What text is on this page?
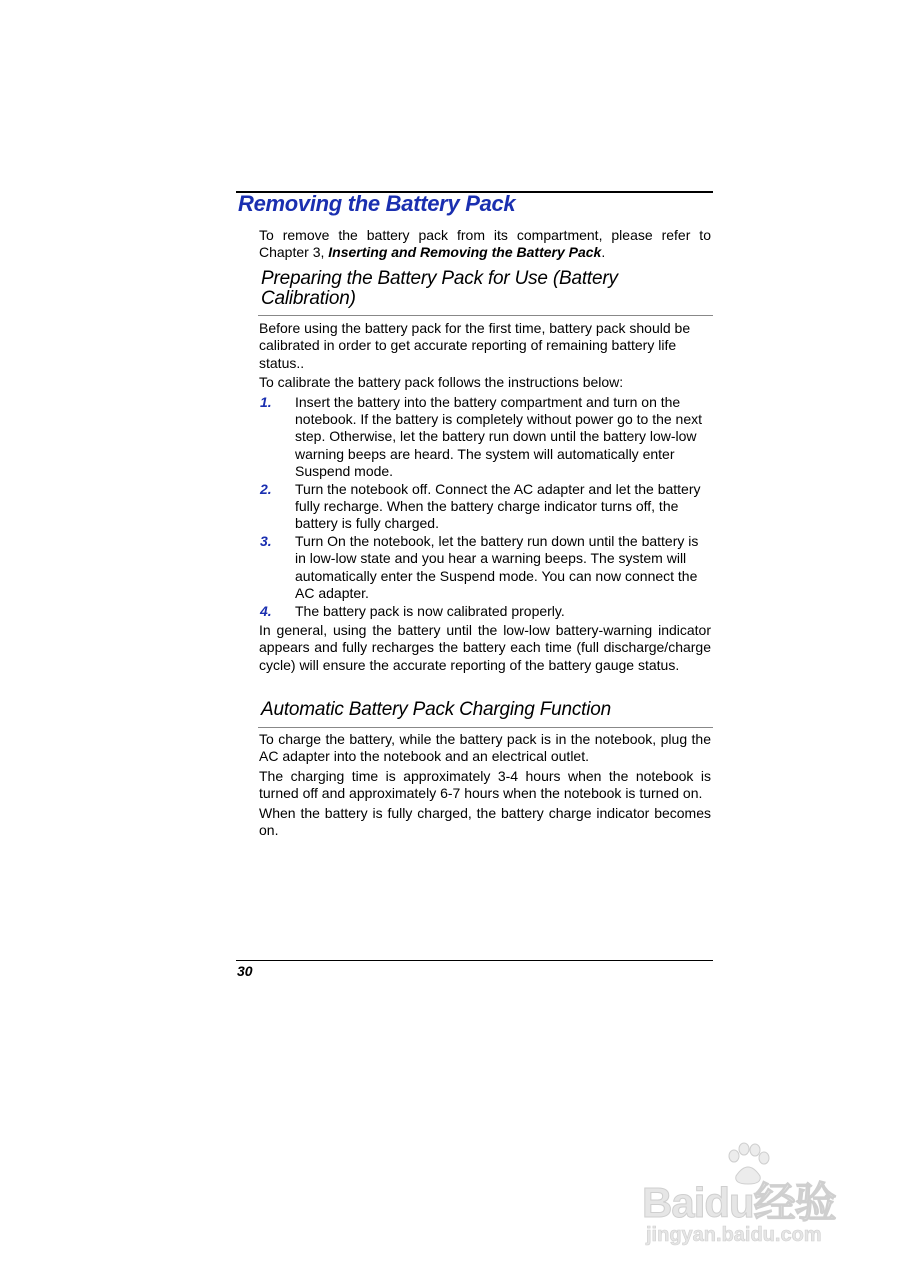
Removing the Battery Pack

To remove the battery pack from its compartment, please refer to Chapter 3, Inserting and Removing the Battery Pack.

Preparing the Battery Pack for Use (Battery Calibration)

Before using the battery pack for the first time, battery pack should be calibrated in order to get accurate reporting of remaining battery life status..

To calibrate the battery pack follows the instructions below:

1. Insert the battery into the battery compartment and turn on the notebook. If the battery is completely without power go to the next step. Otherwise, let the battery run down until the battery low-low warning beeps are heard. The system will automatically enter Suspend mode.
2. Turn the notebook off. Connect the AC adapter and let the battery fully recharge. When the battery charge indicator turns off, the battery is fully charged.
3. Turn On the notebook, let the battery run down until the battery is in low-low state and you hear a warning beeps. The system will automatically enter the Suspend mode. You can now connect the AC adapter.
4. The battery pack is now calibrated properly.

In general, using the battery until the low-low battery-warning indicator appears and fully recharges the battery each time (full discharge/charge cycle) will ensure the accurate reporting of the battery gauge status.

Automatic Battery Pack Charging Function

To charge the battery, while the battery pack is in the notebook, plug the AC adapter into the notebook and an electrical outlet.

The charging time is approximately 3-4 hours when the notebook is turned off and approximately 6-7 hours when the notebook is turned on.

When the battery is fully charged, the battery charge indicator becomes on.

30
Baidu经验
jingyan.baidu.com
